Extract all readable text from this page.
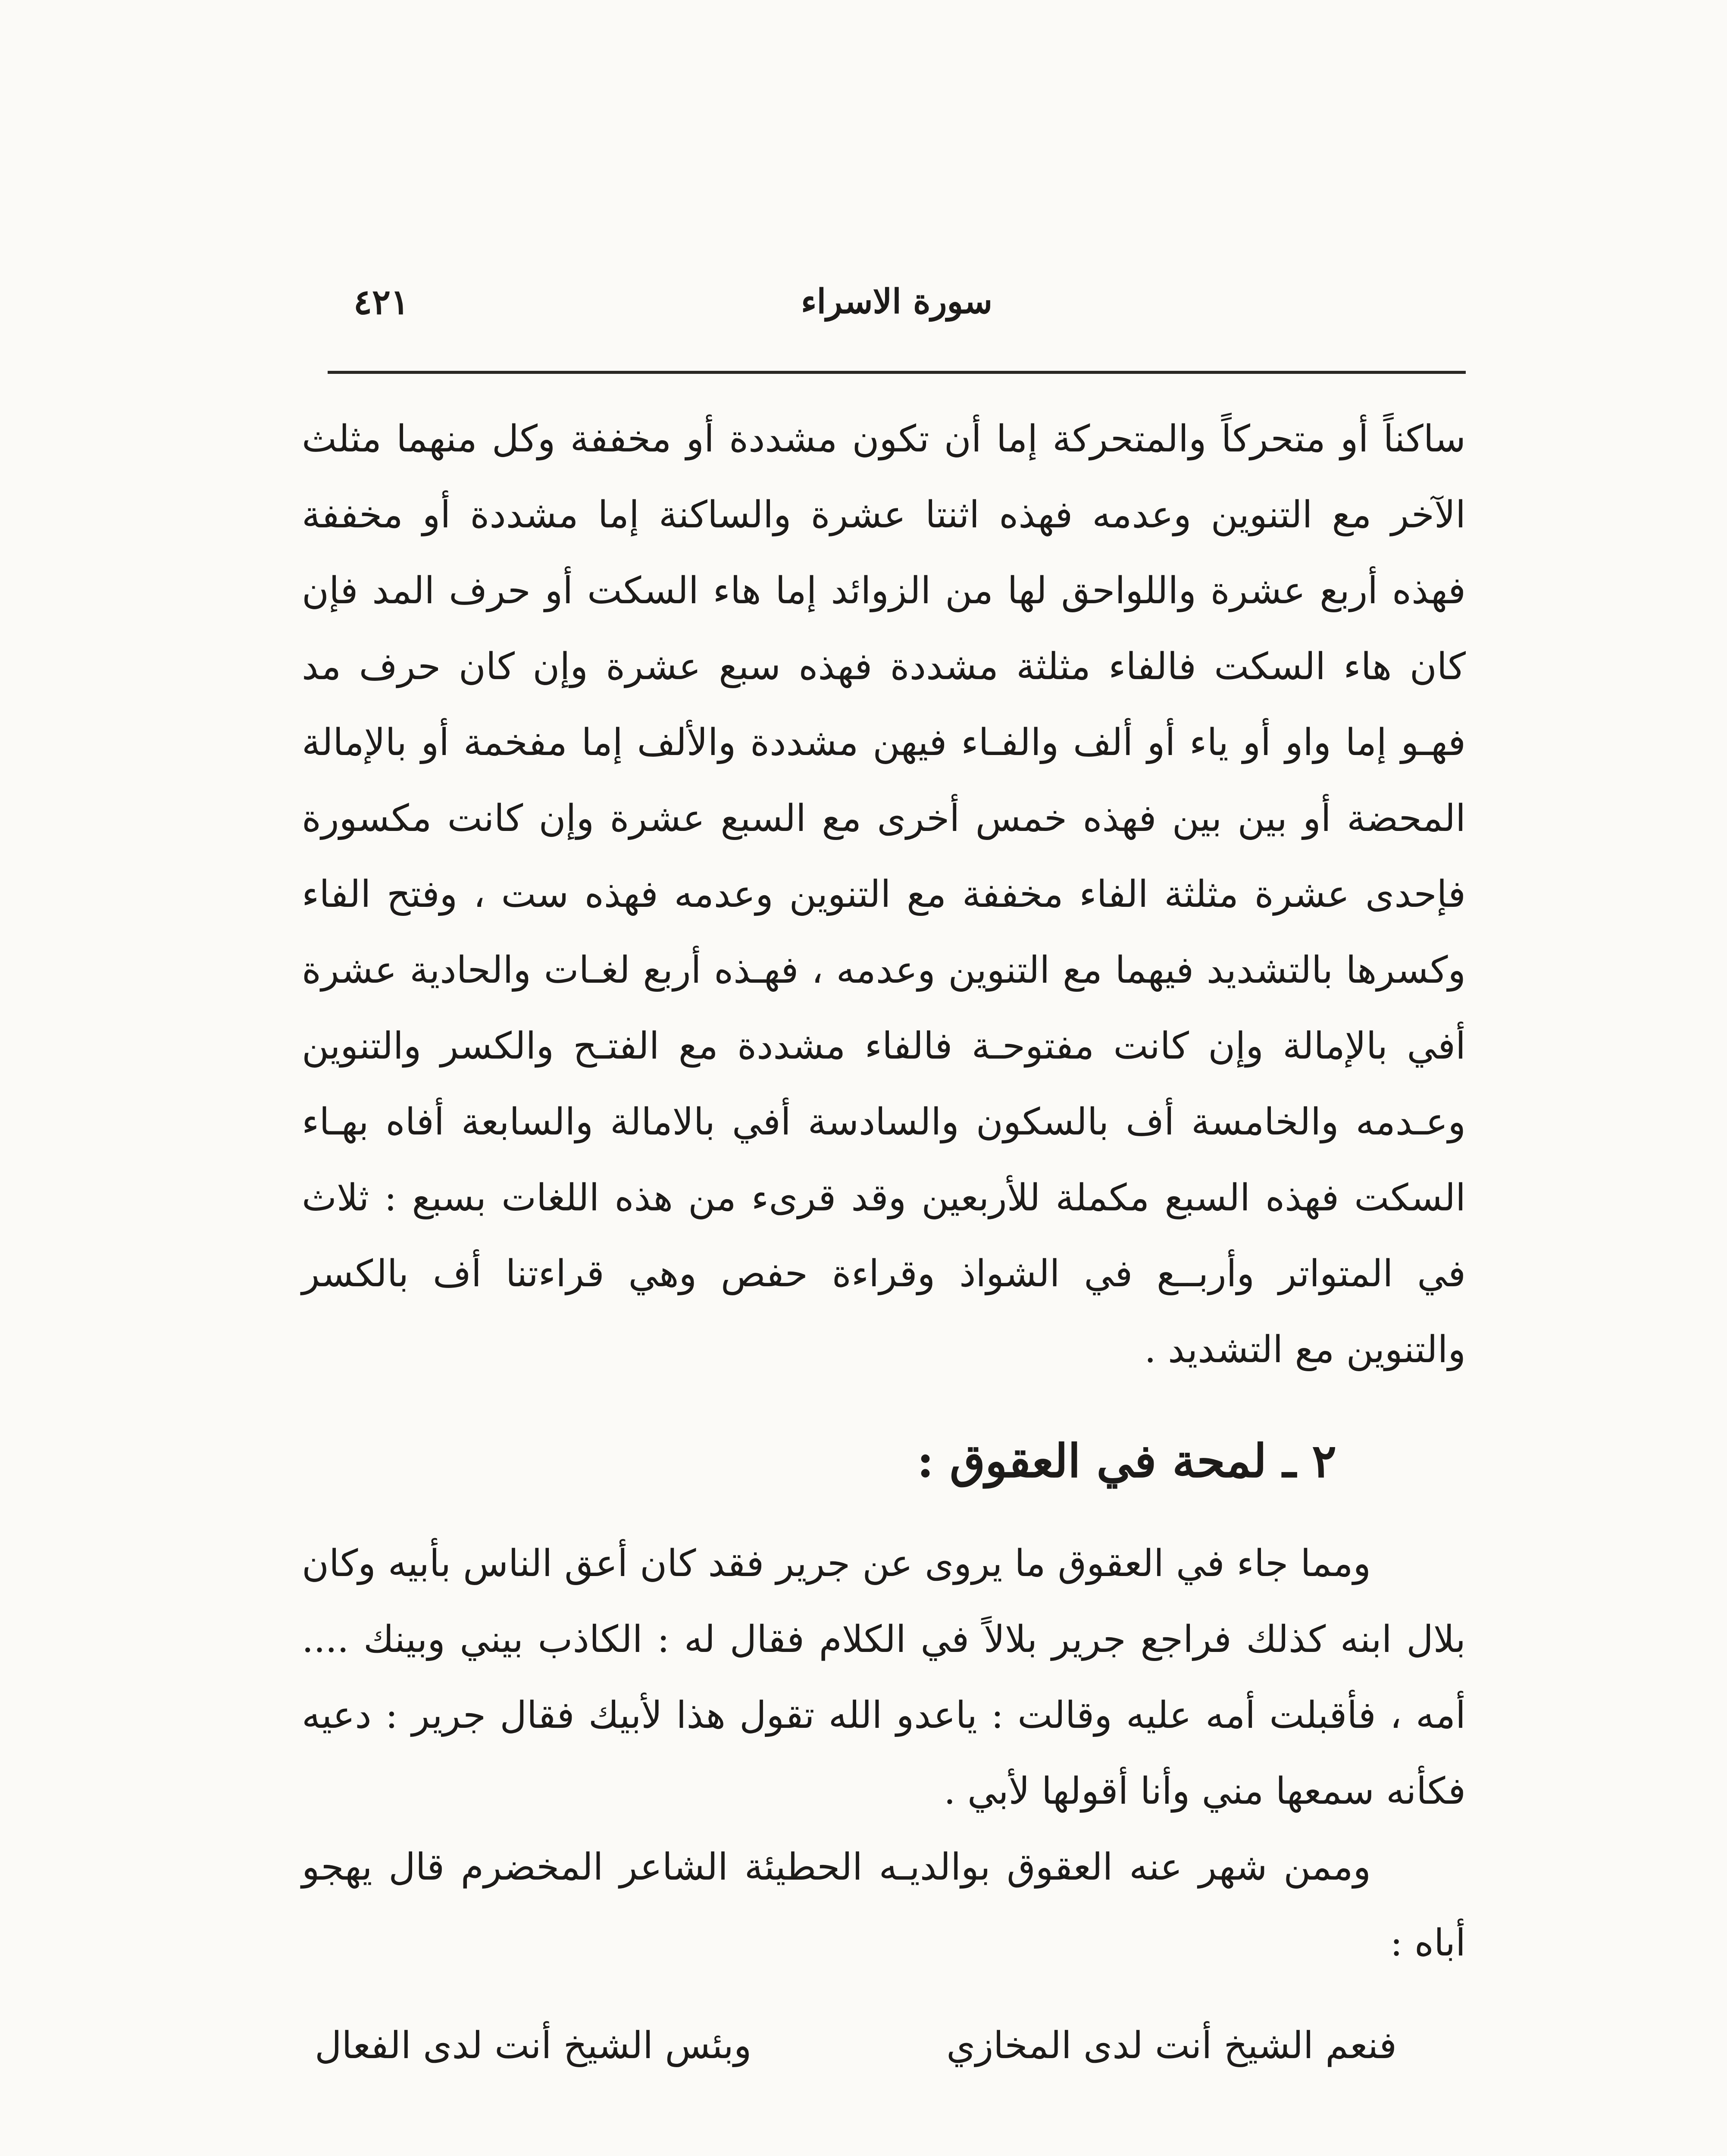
سورة الاسراء
٤٢١

ساكناً أو متحركاً والمتحركة إما أن تكون مشددة أو مخففة وكل منهما مثلث الآخر مع التنوين وعدمه فهذه اثنتا عشرة والساكنة إما مشددة أو مخففة فهذه أربع عشرة واللواحق لها من الزوائد إما هاء السكت أو حرف المد فإن كان هاء السكت فالفاء مثلثة مشددة فهذه سبع عشرة وإن كان حرف مد فهـو إما واو أو ياء أو ألف والفـاء فيهن مشددة والألف إما مفخمة أو بالإمالة المحضة أو بين بين فهذه خمس أخرى مع السبع عشرة وإن كانت مكسورة فإحدى عشرة مثلثة الفاء مخففة مع التنوين وعدمه فهذه ست ، وفتح الفاء وكسرها بالتشديد فيهما مع التنوين وعدمه ، فهـذه أربع لغـات والحادية عشرة أفي بالإمالة وإن كانت مفتوحـة فالفاء مشددة مع الفتـح والكسر والتنوين وعـدمه والخامسة أف بالسكون والسادسة أفي بالامالة والسابعة أفاه بهـاء السكت فهذه السبع مكملة للأربعين وقد قرىء من هذه اللغات بسبع : ثلاث في المتواتر وأربــع في الشواذ وقراءة حفص وهي قراءتنا أف بالكسر والتنوين مع التشديد .

٢ ـ لمحة في العقوق :

ومما جاء في العقوق ما يروى عن جرير فقد كان أعق الناس بأبيه وكان بلال ابنه كذلك فراجع جرير بلالاً في الكلام فقال له : الكاذب بيني وبينك .... أمه ، فأقبلت أمه عليه وقالت : ياعدو الله تقول هذا لأبيك فقال جرير : دعيه فكأنه سمعها مني وأنا أقولها لأبي .

وممن شهر عنه العقوق بوالديـه الحطيئة الشاعر المخضرم قال يهجو أباه :

فنعم الشيخ أنت لدى المخازي
وبئس الشيخ أنت لدى الفعال
